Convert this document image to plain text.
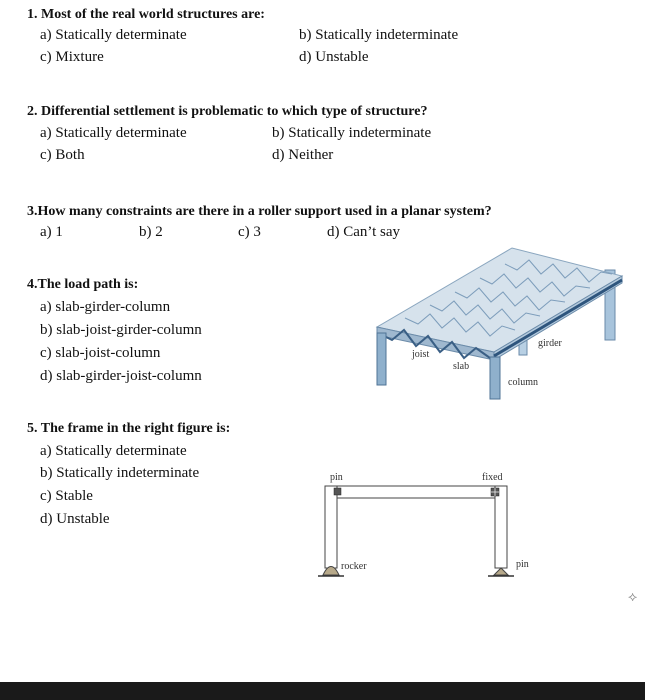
1. Most of the real world structures are:
a) Statically determinate	b) Statically indeterminate
c) Mixture	d) Unstable
2. Differential settlement is problematic to which type of structure?
a) Statically determinate	b) Statically indeterminate
c) Both	d) Neither
3.How many constraints are there in a roller support used in a planar system?
a) 1	b) 2	c) 3	d) Can’t say
4.The load path is:
a) slab-girder-column
b) slab-joist-girder-column
c) slab-joist-column
d) slab-girder-joist-column
5. The frame in the right figure is:
a) Statically determinate
b) Statically indeterminate
c) Stable
d) Unstable
joist
slab
girder
column
pin	fixed
rocker	pin
⟡
